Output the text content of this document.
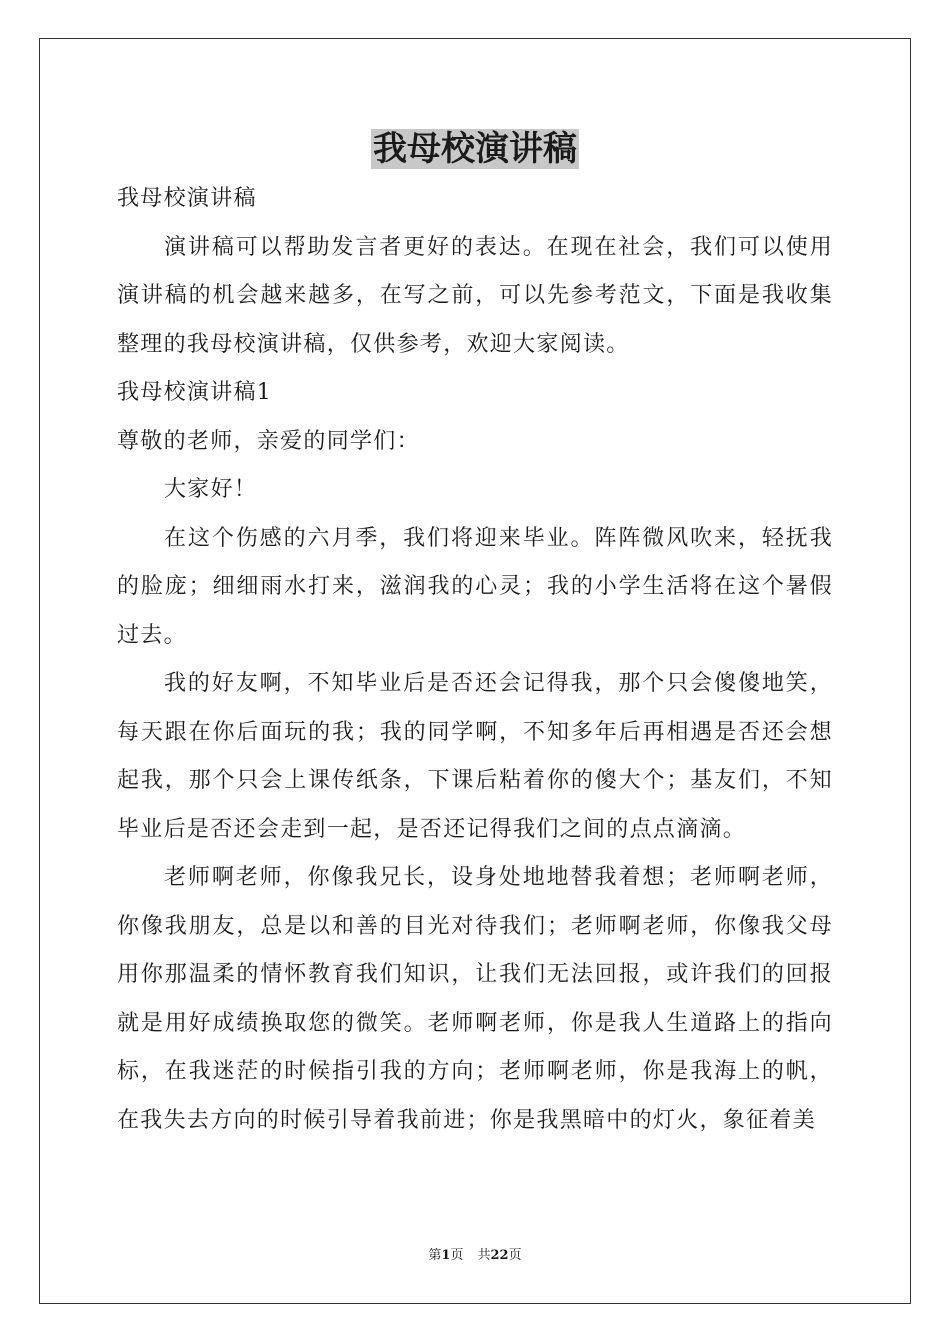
我母校演讲稿

我母校演讲稿

演讲稿可以帮助发言者更好的表达。在现在社会，我们可以使用演讲稿的机会越来越多，在写之前，可以先参考范文，下面是我收集整理的我母校演讲稿，仅供参考，欢迎大家阅读。

我母校演讲稿1

尊敬的老师，亲爱的同学们：

大家好！

在这个伤感的六月季，我们将迎来毕业。阵阵微风吹来，轻抚我的脸庞；细细雨水打来，滋润我的心灵；我的小学生活将在这个暑假过去。

我的好友啊，不知毕业后是否还会记得我，那个只会傻傻地笑，每天跟在你后面玩的我；我的同学啊，不知多年后再相遇是否还会想起我，那个只会上课传纸条，下课后粘着你的傻大个；基友们，不知毕业后是否还会走到一起，是否还记得我们之间的点点滴滴。

老师啊老师，你像我兄长，设身处地地替我着想；老师啊老师，你像我朋友，总是以和善的目光对待我们；老师啊老师，你像我父母用你那温柔的情怀教育我们知识，让我们无法回报，或许我们的回报就是用好成绩换取您的微笑。老师啊老师，你是我人生道路上的指向标，在我迷茫的时候指引我的方向；老师啊老师，你是我海上的帆，在我失去方向的时候引导着我前进；你是我黑暗中的灯火，象征着美

第1页 共22页
